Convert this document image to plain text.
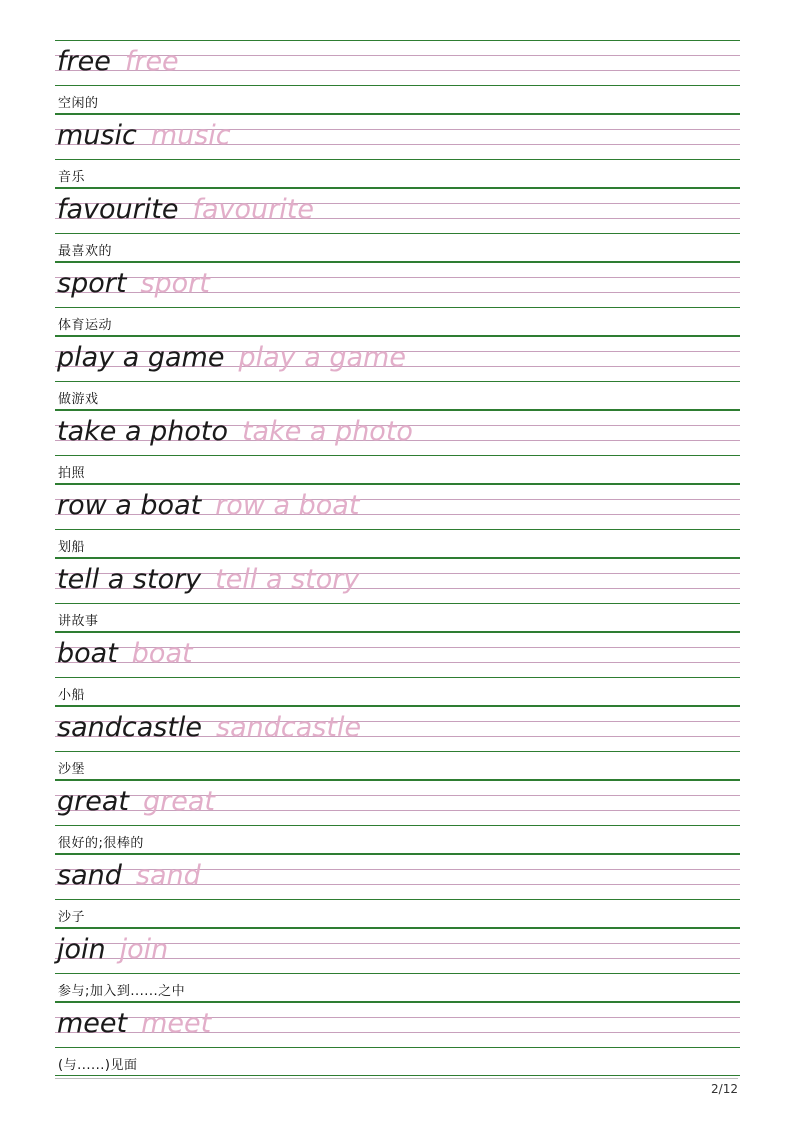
free free
空闲的
music music
音乐
favourite favourite
最喜欢的
sport sport
体育运动
play a game play a game
做游戏
take a photo take a photo
拍照
row a boat row a boat
划船
tell a story tell a story
讲故事
boat boat
小船
sandcastle sandcastle
沙堡
great great
很好的;很棒的
sand sand
沙子
join join
参与;加入到......之中
meet meet
(与......)见面
2/12
